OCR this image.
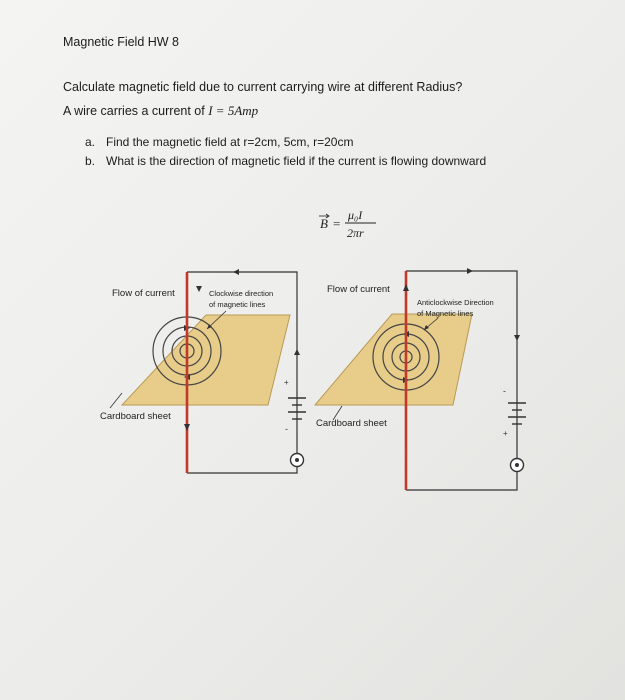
Magnetic Field HW 8
Calculate magnetic field due to current carrying wire at different Radius?
A wire carries a current of I = 5Amp
a. Find the magnetic field at r=2cm, 5cm, r=20cm
b. What is the direction of magnetic field if the current is flowing downward
B =
μ₀I
2πr
+
-
-
+
Flow of current	Clockwise direction
of magnetic lines
Cardboard sheet
Flow of current
Anticlockwise Direction
of Magnetic lines
Cardboard sheet
